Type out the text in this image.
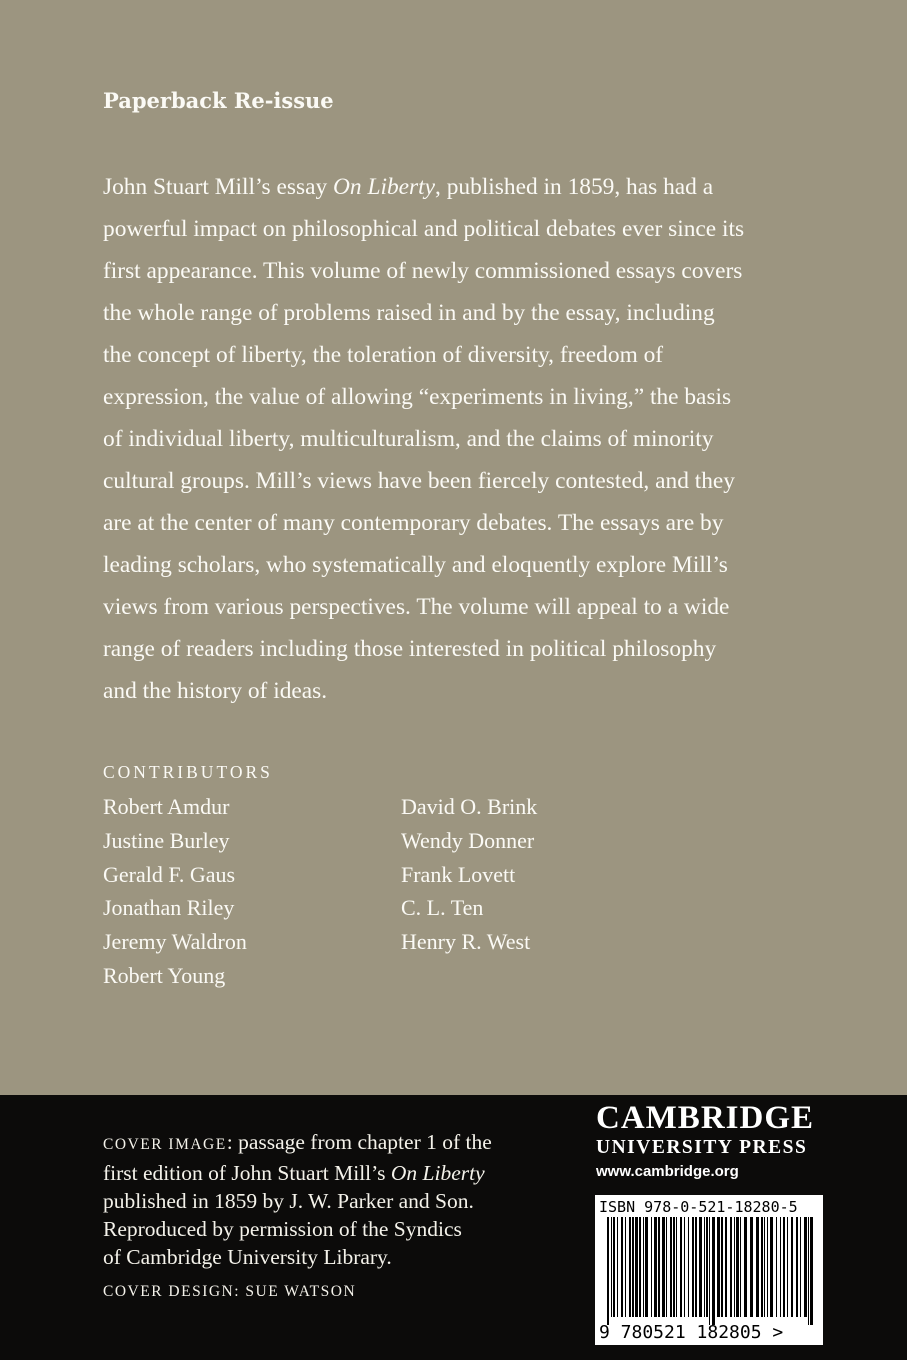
Paperback Re-issue
John Stuart Mill’s essay On Liberty, published in 1859, has had a
powerful impact on philosophical and political debates ever since its
first appearance. This volume of newly commissioned essays covers
the whole range of problems raised in and by the essay, including
the concept of liberty, the toleration of diversity, freedom of
expression, the value of allowing “experiments in living,” the basis
of individual liberty, multiculturalism, and the claims of minority
cultural groups. Mill’s views have been fiercely contested, and they
are at the center of many contemporary debates. The essays are by
leading scholars, who systematically and eloquently explore Mill’s
views from various perspectives. The volume will appeal to a wide
range of readers including those interested in political philosophy
and the history of ideas.
CONTRIBUTORS
Robert Amdur
Justine Burley
Gerald F. Gaus
Jonathan Riley
Jeremy Waldron
Robert Young
David O. Brink
Wendy Donner
Frank Lovett
C. L. Ten
Henry R. West
COVER IMAGE: passage from chapter 1 of the
first edition of John Stuart Mill’s On Liberty
published in 1859 by J. W. Parker and Son.
Reproduced by permission of the Syndics
of Cambridge University Library.
COVER DESIGN: SUE WATSON
CAMBRIDGE
UNIVERSITY PRESS
www.cambridge.org
ISBN 978-0-521-18280-5
9 780521 182805 >
